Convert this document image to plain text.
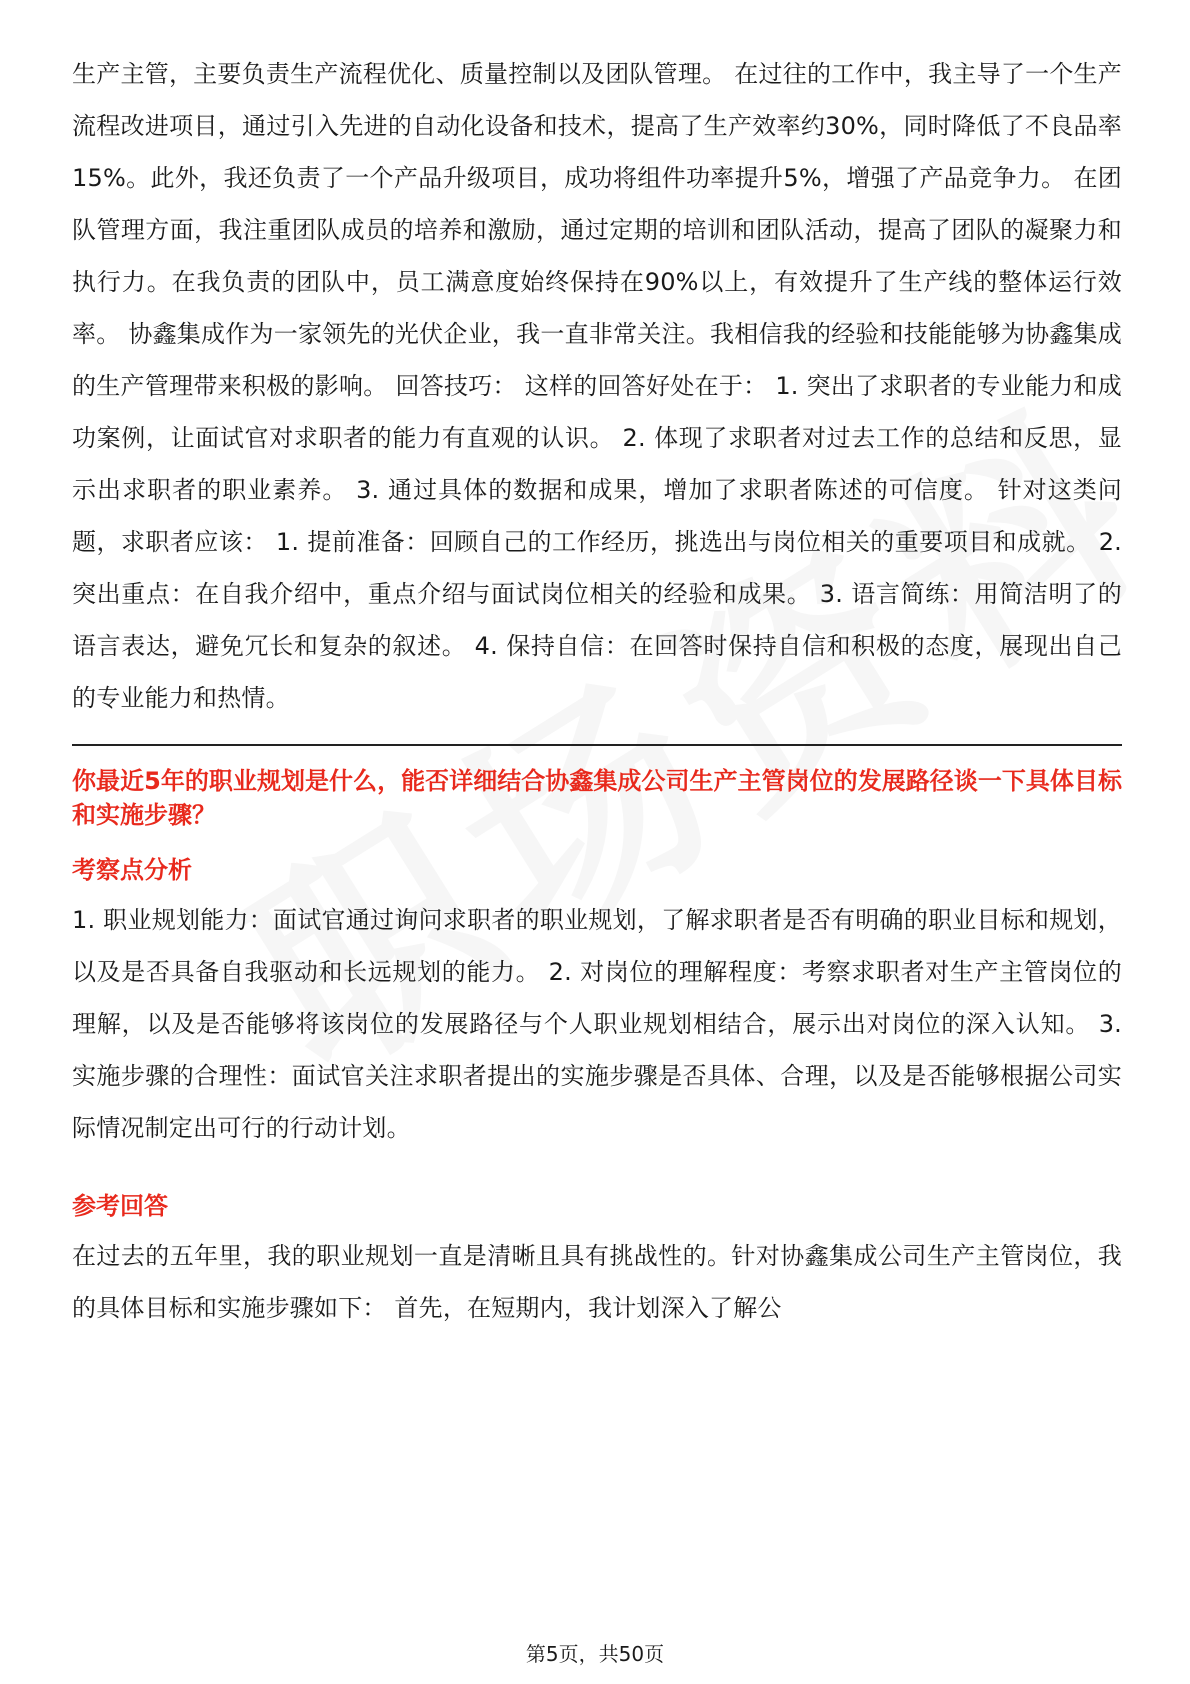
生产主管，主要负责生产流程优化、质量控制以及团队管理。 在过往的工作中，我主导了一个生产流程改进项目，通过引入先进的自动化设备和技术，提高了生产效率约30%，同时降低了不良品率15%。此外，我还负责了一个产品升级项目，成功将组件功率提升5%，增强了产品竞争力。 在团队管理方面，我注重团队成员的培养和激励，通过定期的培训和团队活动，提高了团队的凝聚力和执行力。在我负责的团队中，员工满意度始终保持在90%以上，有效提升了生产线的整体运行效率。 协鑫集成作为一家领先的光伏企业，我一直非常关注。我相信我的经验和技能能够为协鑫集成的生产管理带来积极的影响。 回答技巧： 这样的回答好处在于： 1. 突出了求职者的专业能力和成功案例，让面试官对求职者的能力有直观的认识。 2. 体现了求职者对过去工作的总结和反思，显示出求职者的职业素养。 3. 通过具体的数据和成果，增加了求职者陈述的可信度。 针对这类问题，求职者应该： 1. 提前准备：回顾自己的工作经历，挑选出与岗位相关的重要项目和成就。 2. 突出重点：在自我介绍中，重点介绍与面试岗位相关的经验和成果。 3. 语言简练：用简洁明了的语言表达，避免冗长和复杂的叙述。 4. 保持自信：在回答时保持自信和积极的态度，展现出自己的专业能力和热情。

你最近5年的职业规划是什么，能否详细结合协鑫集成公司生产主管岗位的发展路径谈一下具体目标和实施步骤？

考察点分析

1. 职业规划能力：面试官通过询问求职者的职业规划，了解求职者是否有明确的职业目标和规划，以及是否具备自我驱动和长远规划的能力。 2. 对岗位的理解程度：考察求职者对生产主管岗位的理解，以及是否能够将该岗位的发展路径与个人职业规划相结合，展示出对岗位的深入认知。 3. 实施步骤的合理性：面试官关注求职者提出的实施步骤是否具体、合理，以及是否能够根据公司实际情况制定出可行的行动计划。

参考回答

在过去的五年里，我的职业规划一直是清晰且具有挑战性的。针对协鑫集成公司生产主管岗位，我的具体目标和实施步骤如下： 首先，在短期内，我计划深入了解公

第5页，共50页
